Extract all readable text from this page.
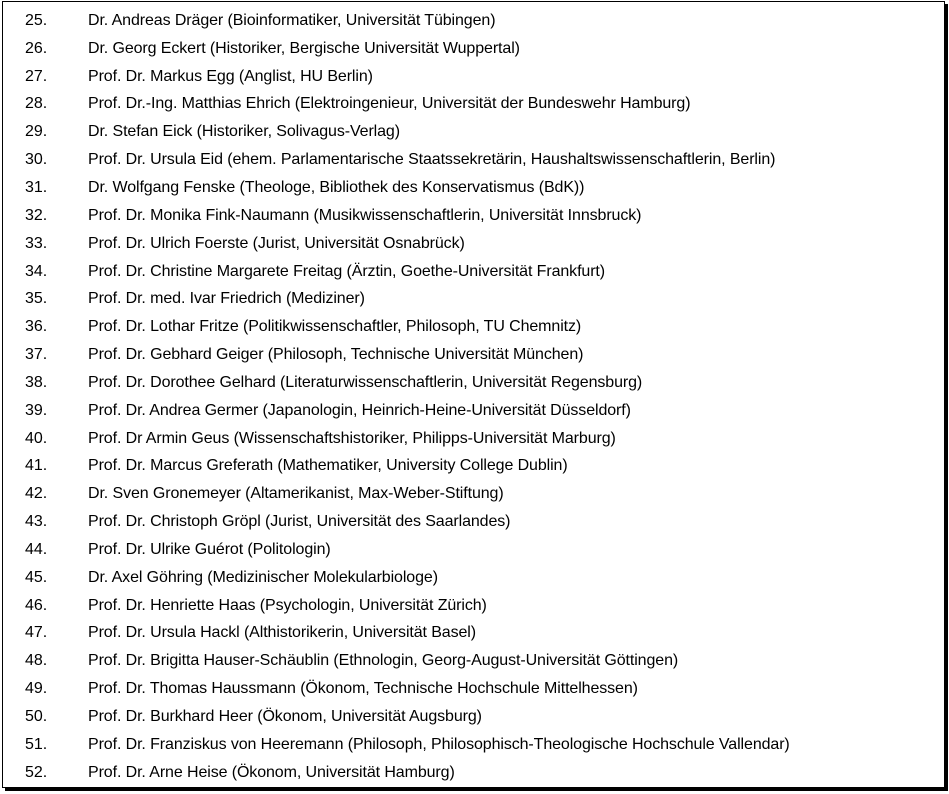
25.	Dr. Andreas Dräger (Bioinformatiker, Universität Tübingen)
26.	Dr. Georg Eckert (Historiker, Bergische Universität Wuppertal)
27.	Prof. Dr. Markus Egg (Anglist, HU Berlin)
28.	Prof. Dr.-Ing. Matthias Ehrich (Elektroingenieur, Universität der Bundeswehr Hamburg)
29.	Dr. Stefan Eick (Historiker, Solivagus-Verlag)
30.	Prof. Dr. Ursula Eid (ehem. Parlamentarische Staatssekretärin, Haushaltswissenschaftlerin, Berlin)
31.	Dr. Wolfgang Fenske (Theologe, Bibliothek des Konservatismus (BdK))
32.	Prof. Dr. Monika Fink-Naumann (Musikwissenschaftlerin, Universität Innsbruck)
33.	Prof. Dr. Ulrich Foerste (Jurist, Universität Osnabrück)
34.	Prof. Dr. Christine Margarete Freitag (Ärztin, Goethe-Universität Frankfurt)
35.	Prof. Dr. med. Ivar Friedrich (Mediziner)
36.	Prof. Dr. Lothar Fritze (Politikwissenschaftler, Philosoph, TU Chemnitz)
37.	Prof. Dr. Gebhard Geiger (Philosoph, Technische Universität München)
38.	Prof. Dr. Dorothee Gelhard (Literaturwissenschaftlerin, Universität Regensburg)
39.	Prof. Dr. Andrea Germer (Japanologin, Heinrich-Heine-Universität Düsseldorf)
40.	Prof. Dr Armin Geus (Wissenschaftshistoriker, Philipps-Universität Marburg)
41.	Prof. Dr. Marcus Greferath (Mathematiker, University College Dublin)
42.	Dr. Sven Gronemeyer (Altamerikanist, Max-Weber-Stiftung)
43.	Prof. Dr. Christoph Gröpl (Jurist, Universität des Saarlandes)
44.	Prof. Dr. Ulrike Guérot (Politologin)
45.	Dr. Axel Göhring (Medizinischer Molekularbiologe)
46.	Prof. Dr. Henriette Haas (Psychologin, Universität Zürich)
47.	Prof. Dr. Ursula Hackl (Althistorikerin, Universität Basel)
48.	Prof. Dr. Brigitta Hauser-Schäublin (Ethnologin, Georg-August-Universität Göttingen)
49.	Prof. Dr. Thomas Haussmann (Ökonom, Technische Hochschule Mittelhessen)
50.	Prof. Dr. Burkhard Heer (Ökonom, Universität Augsburg)
51.	Prof. Dr. Franziskus von Heeremann (Philosoph, Philosophisch-Theologische Hochschule Vallendar)
52.	Prof. Dr. Arne Heise (Ökonom, Universität Hamburg)
